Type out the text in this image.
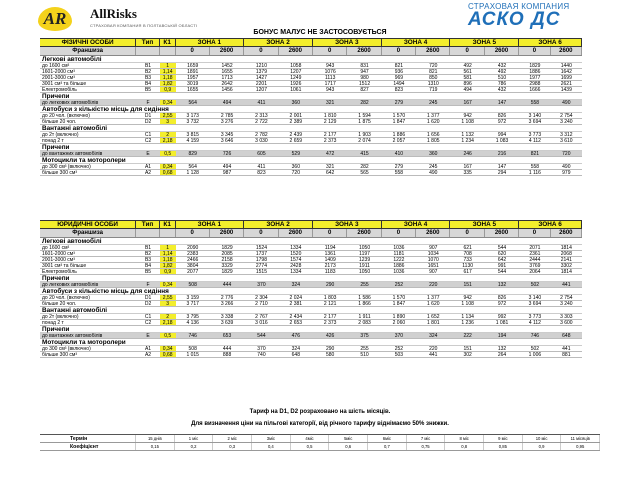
AR	AllRisks
СТРАХОВАЯ КОМПАНИЯ В ПОЛТАВСЬКІЙ ОБЛАСТІ
СТРАХОВАЯ КОМПАНИЯ
АСКО ДС
БОНУС МАЛУС НЕ ЗАСТОСОВУЄТЬСЯ
ФІЗИЧНІ ОСОБИ	Тип	К1	ЗОНА 1	ЗОНА 2	ЗОНА 3	ЗОНА 4	ЗОНА 5	ЗОНА 6
Франшиза	0	2600	0	2600	0	2600	0	2600	0	2600	0	2600
Легкові автомобілі
до 1600 см³	B1	1	1659	1452	1210	1058	943	831	821	720	492	432	1829	1440
1601-2000 см³	B2	1,14	1891	1655	1379	1207	1076	947	936	821	561	492	1886	1642
2001-3000 см³	B3	1,18	1957	1713	1427	1249	1113	980	969	850	581	510	1977	1699
3001 см³ та більше	B4	1,82	3019	2642	2201	1926	1717	1512	1494	1310	896	786	2988	2621
Електромобіль	B5	0,9	1655	1456	1207	1061	943	827	823	719	494	432	1666	1439
Причепи
до легкових автомобілів	F	0,34	564	494	411	360	321	282	279	245	167	147	558	490
Автобуси з кількістю місць для сидіння
до 20 чол. (включно)	D1	2,55	3 173	2 785	2 313	2 001	1 810	1 594	1 570	1 377	942	826	3 140	2 754
більше 20 чол.	D2	3	3 732	3 276	2 722	2 389	2 129	1 875	1 847	1 620	1 108	972	3 694	3 240
Вантажні автомобілі
до 2т (включно)	C1	2	3 815	3 345	2 782	2 439	2 177	1 903	1 886	1 656	1 132	994	3 773	3 312
понад 2 т	C2	2,18	4 159	3 646	3 030	2 659	2 373	2 074	2 057	1 805	1 234	1 083	4 112	3 610
Причепи
до вантажних автомобілів	E	0,5	829	726	605	529	472	415	410	360	246	216	821	720
Мотоцикли та моторолери
до 300 см³ (включно)	A1	0,34	564	494	411	360	321	282	279	245	167	147	558	490
більше 300 см³	A2	0,68	1 128	987	823	720	642	565	558	490	335	294	1 116	979
ЮРИДИЧНІ ОСОБИ	Тип	К1	ЗОНА 1	ЗОНА 2	ЗОНА 3	ЗОНА 4	ЗОНА 5	ЗОНА 6
Франшиза	0	2600	0	2600	0	2600	0	2600	0	2600	0	2600
Легкові автомобілі
до 1600 см³	B1	1	2090	1829	1524	1334	1194	1050	1036	907	621	544	2071	1814
1601-2000 см³	B2	1,14	2383	2085	1737	1520	1361	1197	1181	1034	708	620	2361	2068
2001-3000 см³	B3	1,18	2466	2158	1798	1574	1409	1239	1222	1070	733	642	2444	2141
3001 см³ та більше	B4	1,82	3804	3329	2774	2428	2173	1911	1886	1651	1130	991	3769	3302
Електромобіль	B5	0,9	2077	1829	1515	1334	1183	1050	1036	907	617	544	2064	1814
Причепи
до легкових автомобілів	F	0,34	508	444	370	324	290	255	252	220	151	132	502	441
Автобуси з кількістю місць для сидіння
до 20 чол. (включно)	D1	2,55	3 159	2 776	2 304	2 024	1 803	1 586	1 570	1 377	942	826	3 140	2 754
більше 20 чол.	D2	3	3 717	3 266	2 710	2 381	2 121	1 866	1 847	1 620	1 108	972	3 694	3 240
Вантажні автомобілі
до 2т (включно)	C1	2	3 795	3 338	2 767	2 434	2 177	1 911	1 890	1 652	1 134	992	3 773	3 303
понад 2 т	C2	2,18	4 136	3 639	3 016	2 653	2 373	2 083	2 060	1 801	1 236	1 081	4 112	3 600
Причепи
до вантажних автомобілів	E	0,5	746	653	544	476	426	375	370	324	222	194	746	648
Мотоцикли та моторолери
до 300 см³ (включно)	A1	0,34	508	444	370	324	290	255	252	220	151	132	502	441
більше 300 см³	A2	0,68	1 015	888	740	648	580	510	503	441	302	264	1 006	881
Тариф на D1, D2 розраховано на шість місяців.
Для визначення ціни на пільгові категорії, від річного тарифу віднімаємо 50% знижки.
Термін	15 днів	1 міс	2 міс	3міс	4міс	5міс	6міс	7 міс	8 міс	9 міс	10 міс	11 місяців
Коефіцієнт	0,15	0,2	0,3	0,4	0,5	0,6	0,7	0,75	0,8	0,85	0,9	0,95
